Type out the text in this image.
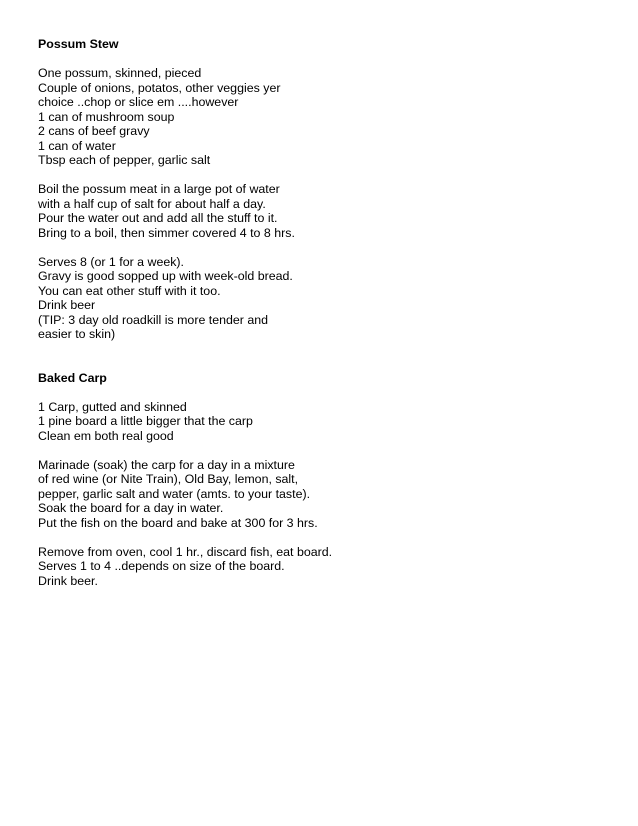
Possum Stew
One possum, skinned, pieced
Couple of onions, potatos, other veggies yer
choice ..chop or slice em ....however
1 can of mushroom soup
2 cans of beef gravy
1 can of water
Tbsp each of pepper, garlic salt
Boil the possum meat in a large pot of water
with a half cup of salt for about half a day.
Pour the water out and add all the stuff to it.
Bring to a boil, then simmer covered 4 to 8 hrs.
Serves 8 (or 1 for a week).
Gravy is good sopped up with week-old bread.
You can eat other stuff with it too.
Drink beer
(TIP: 3 day old roadkill is more tender and
easier to skin)
Baked Carp
1 Carp, gutted and skinned
1 pine board a little bigger that the carp
Clean em both real good
Marinade (soak) the carp for a day in a mixture
of red wine (or Nite Train), Old Bay, lemon, salt,
pepper, garlic salt and water (amts. to your taste).
Soak the board for a day in water.
Put the fish on the board and bake at 300 for 3 hrs.
Remove from oven, cool 1 hr., discard fish, eat board.
Serves 1 to 4 ..depends on size of the board.
Drink beer.
